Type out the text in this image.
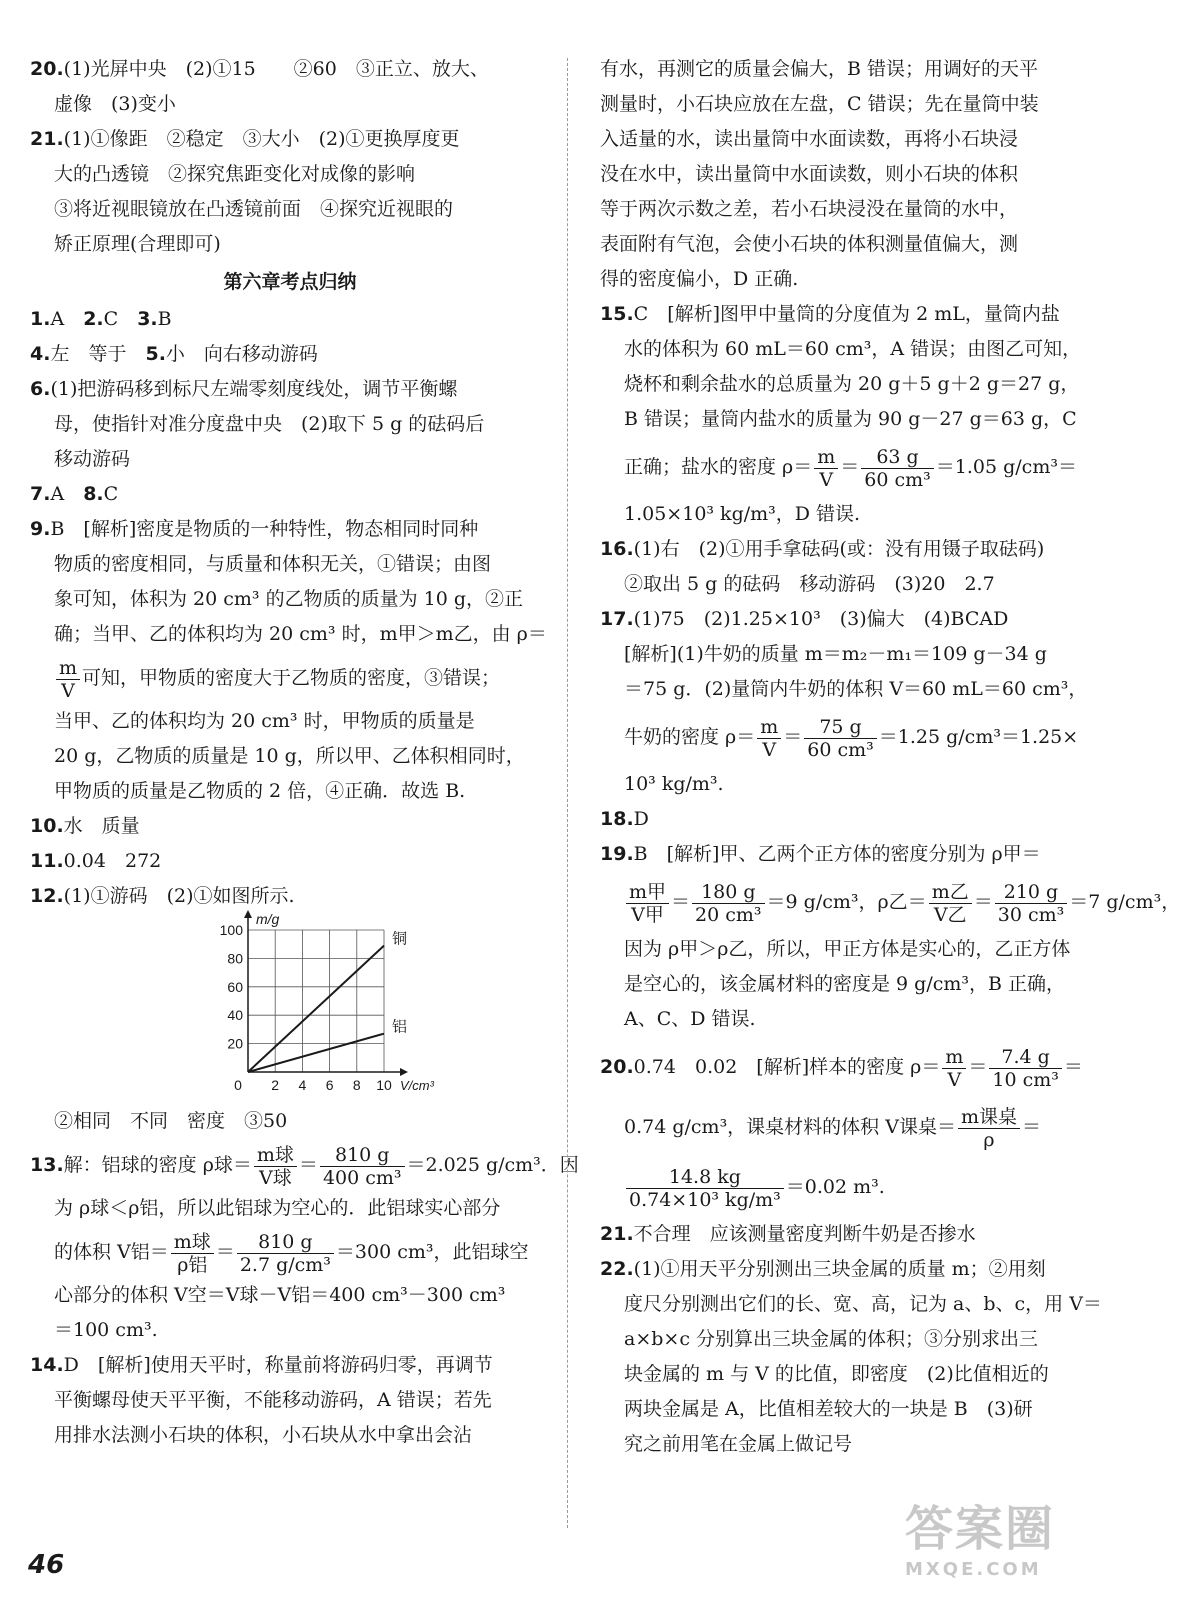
20.(1)光屏中央　(2)①15　　②60　③正立、放大、
虚像　(3)变小
21.(1)①像距　②稳定　③大小　(2)①更换厚度更
大的凸透镜　②探究焦距变化对成像的影响
③将近视眼镜放在凸透镜前面　④探究近视眼的
矫正原理(合理即可)
第六章考点归纳
1.A　2.C　3.B
4.左　等于　5.小　向右移动游码
6.(1)把游码移到标尺左端零刻度线处，调节平衡螺
母，使指针对准分度盘中央　(2)取下 5 g 的砝码后
移动游码
7.A　8.C
9.B　[解析]密度是物质的一种特性，物态相同时同种
物质的密度相同，与质量和体积无关，①错误；由图
象可知，体积为 20 cm³ 的乙物质的质量为 10 g，②正
确；当甲、乙的体积均为 20 cm³ 时，m甲＞m乙，由 ρ＝
$\frac{m}{V}$ 可知，甲物质的密度大于乙物质的密度，③错误；
当甲、乙的体积均为 20 cm³ 时，甲物质的质量是
20 g，乙物质的质量是 10 g，所以甲、乙体积相同时，
甲物质的质量是乙物质的 2 倍，④正确．故选 B.
10.水　质量
11.0.04　272
12.(1)①游码　(2)①如图所示.
20
40
60
80
100
0 2 4 6 8 10
m/g
V/cm³
铜
铝
②相同　不同　密度　③50
13.解：铝球的密度 ρ球＝ $\frac{\text{m球}}{\text{V球}} = \frac{810 g}{\text{400 cm³}} =2.025$ g/cm³．因
为 ρ球＜ρ铝，所以此铝球为空心的．此铝球实心部分
的体积 V铝＝ $\frac{\text{m球}}{\text{ρ铝}} = \frac{810 g}{\text{2.7 g/cm³}} =300$ cm³，此铝球空
心部分的体积 V空＝V球－V铝＝400 cm³－300 cm³
＝100 cm³.
14.D　[解析]使用天平时，称量前将游码归零，再调节
平衡螺母使天平平衡，不能移动游码，A 错误；若先
用排水法测小石块的体积，小石块从水中拿出会沾
有水，再测它的质量会偏大，B 错误；用调好的天平
测量时，小石块应放在左盘，C 错误；先在量筒中装
入适量的水，读出量筒中水面读数，再将小石块浸
没在水中，读出量筒中水面读数，则小石块的体积
等于两次示数之差，若小石块浸没在量筒的水中，
表面附有气泡，会使小石块的体积测量值偏大，测
得的密度偏小，D 正确.
15.C　[解析]图甲中量筒的分度值为 2 mL，量筒内盐
水的体积为 60 mL＝60 cm³，A 错误；由图乙可知，
烧杯和剩余盐水的总质量为 20 g＋5 g＋2 g＝27 g，
B 错误；量筒内盐水的质量为 90 g－27 g＝63 g，C
正确；盐水的密度 $\rho= \frac{m}{V} = \frac{63 g}{\text{60 cm³}} =1.05$ g/cm³＝
1.05×10³ kg/m³，D 错误.
16.(1)右　(2)①用手拿砝码(或：没有用镊子取砝码)
②取出 5 g 的砝码　移动游码　(3)20　2.7
17.(1)75　(2)1.25×10³　(3)偏大　(4)BCAD
[解析](1)牛奶的质量 m＝m₂－m₁＝109 g－34 g
＝75 g．(2)量筒内牛奶的体积 V＝60 mL＝60 cm³，
牛奶的密度 $\rho= \frac{m}{V} = \frac{75 g}{\text{60 cm³}} =1.25$ g/cm³＝1.25×
10³ kg/m³.
18.D
19.B　[解析]甲、乙两个正方体的密度分别为 ρ甲＝
$\frac{\text{m甲}}{\text{V甲}} = \frac{180 g}{\text{20 cm³}} =9$ g/cm³，ρ乙＝ $\frac{\text{m乙}}{\text{V乙}} = \frac{210 g}{\text{30 cm³}} =7$ g/cm³，
因为 ρ甲＞ρ乙，所以，甲正方体是实心的，乙正方体
是空心的，该金属材料的密度是 9 g/cm³，B 正确，
A、C、D 错误.
20.0.74　0.02　[解析]样本的密度 $\rho= \frac{m}{V} = \frac{7.4 g}{\text{10 cm³}}$ ＝
0.74 g/cm³，课桌材料的体积 V课桌＝ $\frac{\text{m课桌}}{\rho}$ ＝
$\frac{14.8 kg}{\text{0.74×10³ kg/m³}} =0.02$ m³.
21.不合理　应该测量密度判断牛奶是否掺水
22.(1)①用天平分别测出三块金属的质量 m；②用刻
度尺分别测出它们的长、宽、高，记为 a、b、c，用 V＝
a×b×c 分别算出三块金属的体积；③分别求出三
块金属的 m 与 V 的比值，即密度　(2)比值相近的
两块金属是 A，比值相差较大的一块是 B　(3)研
究之前用笔在金属上做记号
46
答案圈
MXQE.COM
